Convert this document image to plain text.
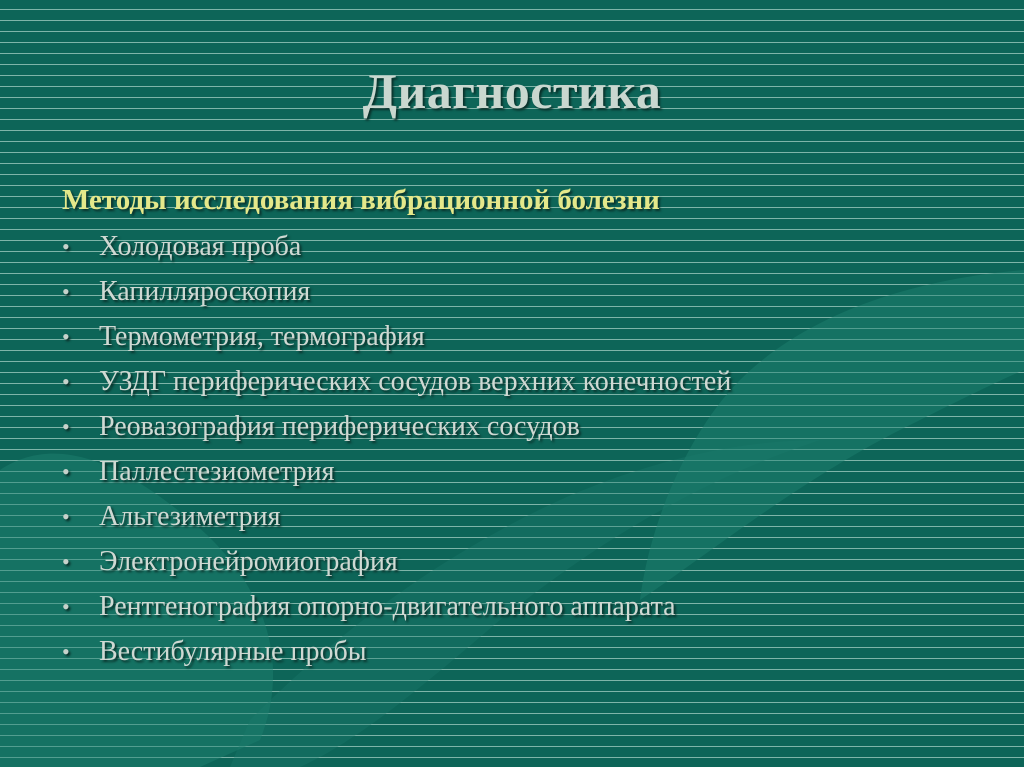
Диагностика
Методы исследования вибрационной болезни
• Холодовая проба
• Капилляроскопия
• Термометрия, термография
• УЗДГ периферических сосудов верхних конечностей
• Реовазография периферических сосудов
• Паллестезиометрия
• Альгезиметрия
• Электронейромиография
• Рентгенография опорно-двигательного аппарата
• Вестибулярные пробы
